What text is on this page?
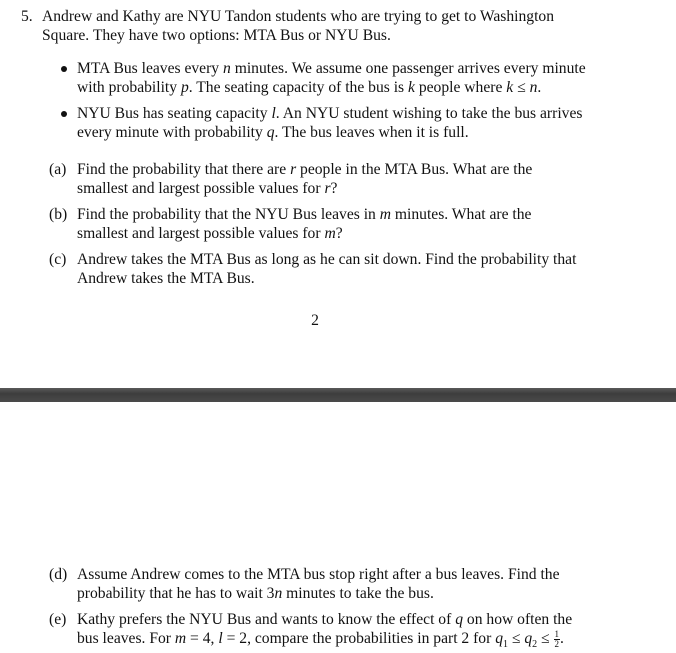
5. Andrew and Kathy are NYU Tandon students who are trying to get to Washington
Square. They have two options: MTA Bus or NYU Bus.
MTA Bus leaves every n minutes. We assume one passenger arrives every minute
with probability p. The seating capacity of the bus is k people where k ≤ n.
NYU Bus has seating capacity l. An NYU student wishing to take the bus arrives
every minute with probability q. The bus leaves when it is full.
(a) Find the probability that there are r people in the MTA Bus. What are the
smallest and largest possible values for r?
(b) Find the probability that the NYU Bus leaves in m minutes. What are the
smallest and largest possible values for m?
(c) Andrew takes the MTA Bus as long as he can sit down. Find the probability that
Andrew takes the MTA Bus.
2
(d) Assume Andrew comes to the MTA bus stop right after a bus leaves. Find the
probability that he has to wait 3n minutes to take the bus.
(e) Kathy prefers the NYU Bus and wants to know the effect of q on how often the
bus leaves. For m = 4, l = 2, compare the probabilities in part 2 for $q_1 \le q_2 \le \frac{1}{2}$ .
